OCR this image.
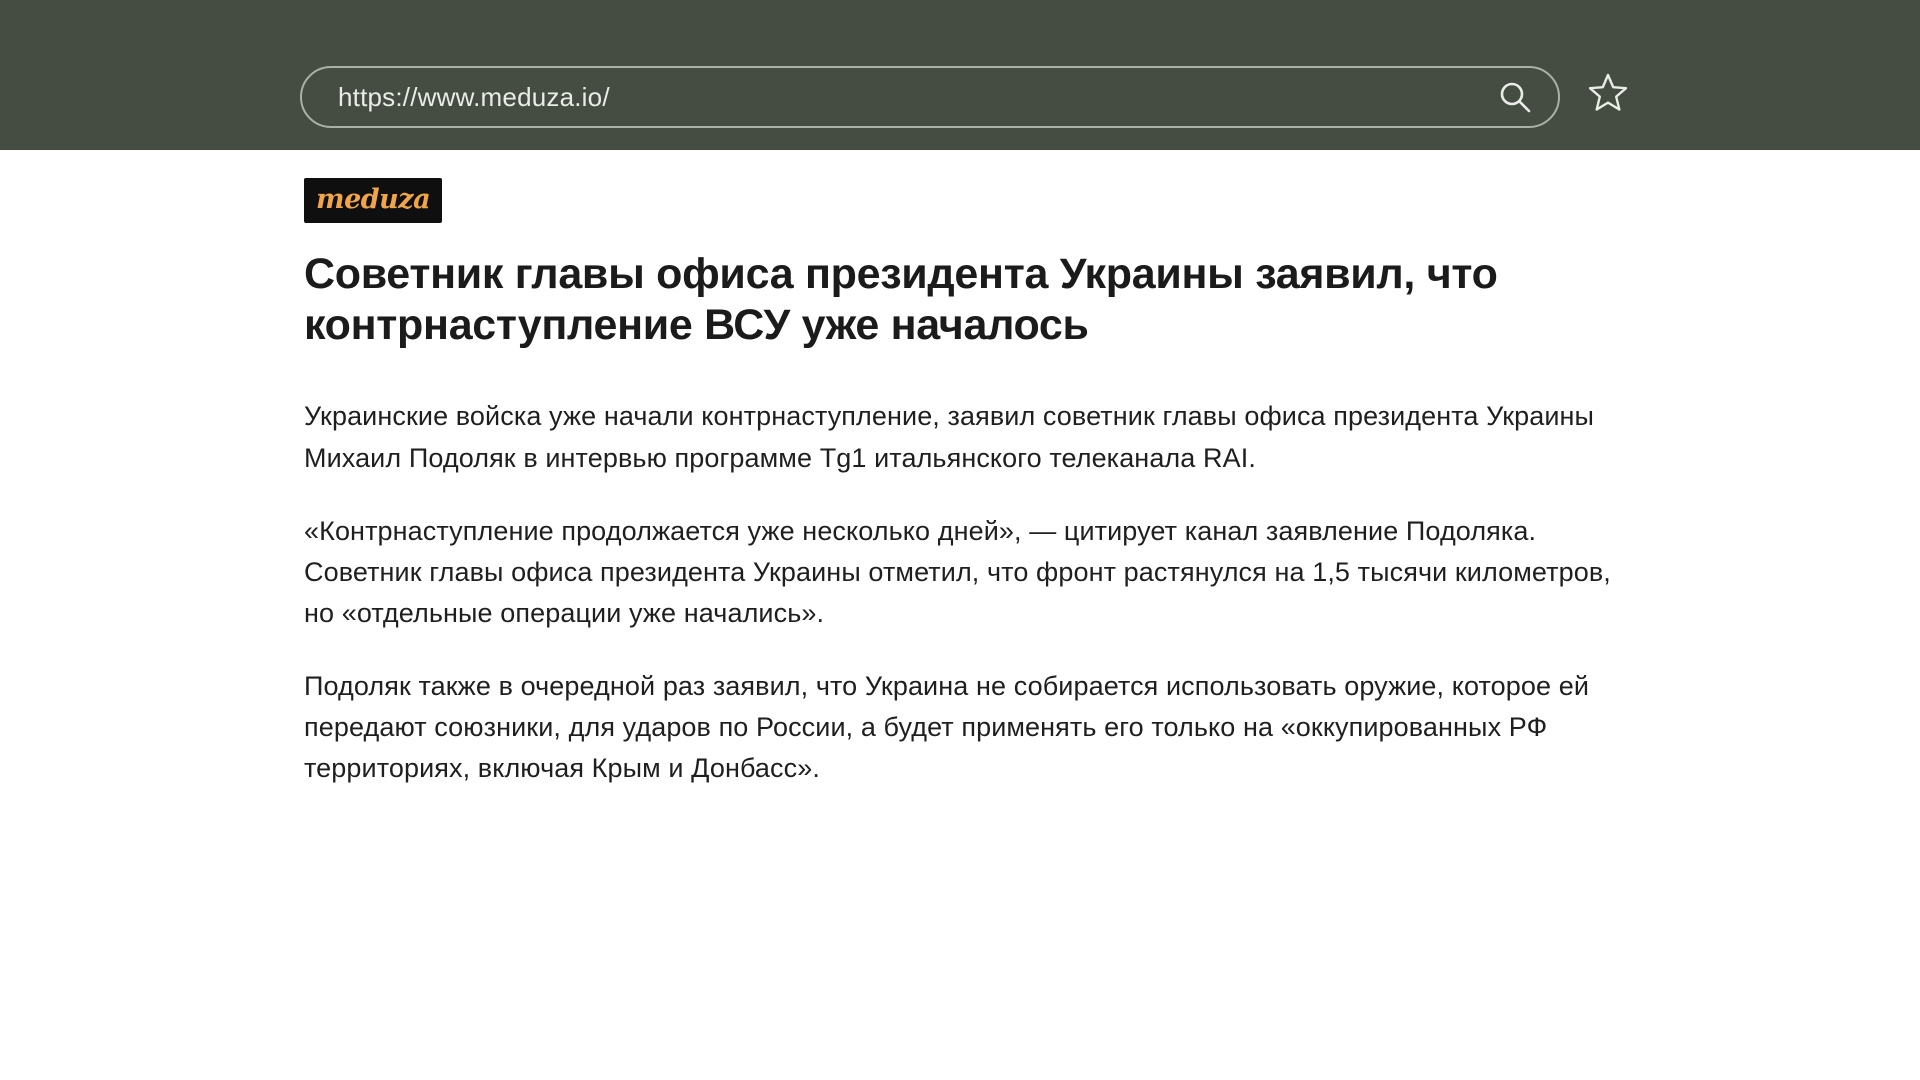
https://www.meduza.io/
meduza
Советник главы офиса президента Украины заявил, что контрнаступление ВСУ уже началось

Украинские войска уже начали контрнаступление, заявил советник главы офиса президента Украины Михаил Подоляк в интервью программе Tg1 итальянского телеканала RAI.

«Контрнаступление продолжается уже несколько дней», — цитирует канал заявление Подоляка. Советник главы офиса президента Украины отметил, что фронт растянулся на 1,5 тысячи километров, но «отдельные операции уже начались».

Подоляк также в очередной раз заявил, что Украина не собирается использовать оружие, которое ей передают союзники, для ударов по России, а будет применять его только на «оккупированных РФ территориях, включая Крым и Донбасс».
